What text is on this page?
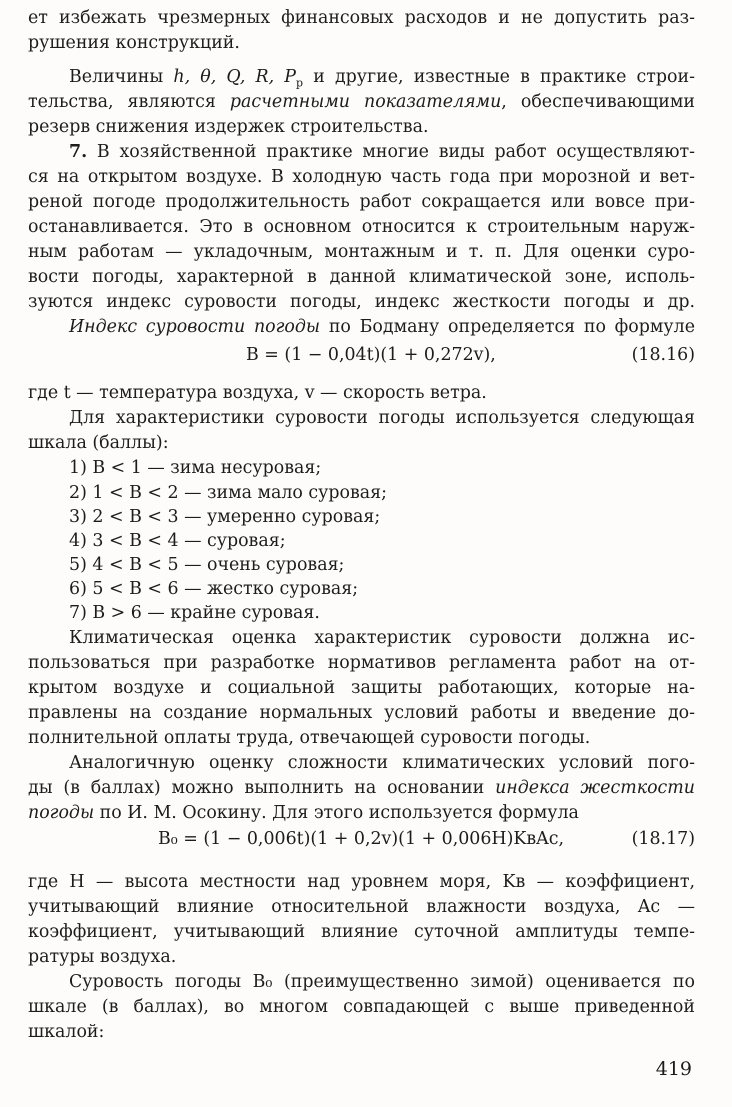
ет избежать чрезмерных финансовых расходов и не допустить раз-
рушения конструкций.
Величины h, θ, Q, R, $P_р$ и другие, известные в практике строи-
тельства, являются расчетными показателями, обеспечивающими
резерв снижения издержек строительства.
7. В хозяйственной практике многие виды работ осуществляют-
ся на открытом воздухе. В холодную часть года при морозной и вет-
реной погоде продолжительность работ сокращается или вовсе при-
останавливается. Это в основном относится к строительным наруж-
ным работам — укладочным, монтажным и т. п. Для оценки суро-
вости погоды, характерной в данной климатической зоне, исполь-
зуются индекс суровости погоды, индекс жесткости погоды и др.
Индекс суровости погоды по Бодману определяется по формуле
B = (1 − 0,04t)(1 + 0,272v),	(18.16)
где t — температура воздуха, v — скорость ветра.
Для характеристики суровости погоды используется следующая
шкала (баллы):
1) B < 1 — зима несуровая;
2) 1 < B < 2 — зима мало суровая;
3) 2 < B < 3 — умеренно суровая;
4) 3 < B < 4 — суровая;
5) 4 < B < 5 — очень суровая;
6) 5 < B < 6 — жестко суровая;
7) B > 6 — крайне суровая.
Климатическая оценка характеристик суровости должна ис-
пользоваться при разработке нормативов регламента работ на от-
крытом воздухе и социальной защиты работающих, которые на-
правлены на создание нормальных условий работы и введение до-
полнительной оплаты труда, отвечающей суровости погоды.
Аналогичную оценку сложности климатических условий пого-
ды (в баллах) можно выполнить на основании индекса жесткости
погоды по И. М. Осокину. Для этого используется формула
B₀ = (1 − 0,006t)(1 + 0,2v)(1 + 0,006H)KвAс,	(18.17)
где H — высота местности над уровнем моря, Kв — коэффициент,
учитывающий влияние относительной влажности воздуха, Aс —
коэффициент, учитывающий влияние суточной амплитуды темпе-
ратуры воздуха.
Суровость погоды B₀ (преимущественно зимой) оценивается по
шкале (в баллах), во многом совпадающей с выше приведенной
шкалой:
419
